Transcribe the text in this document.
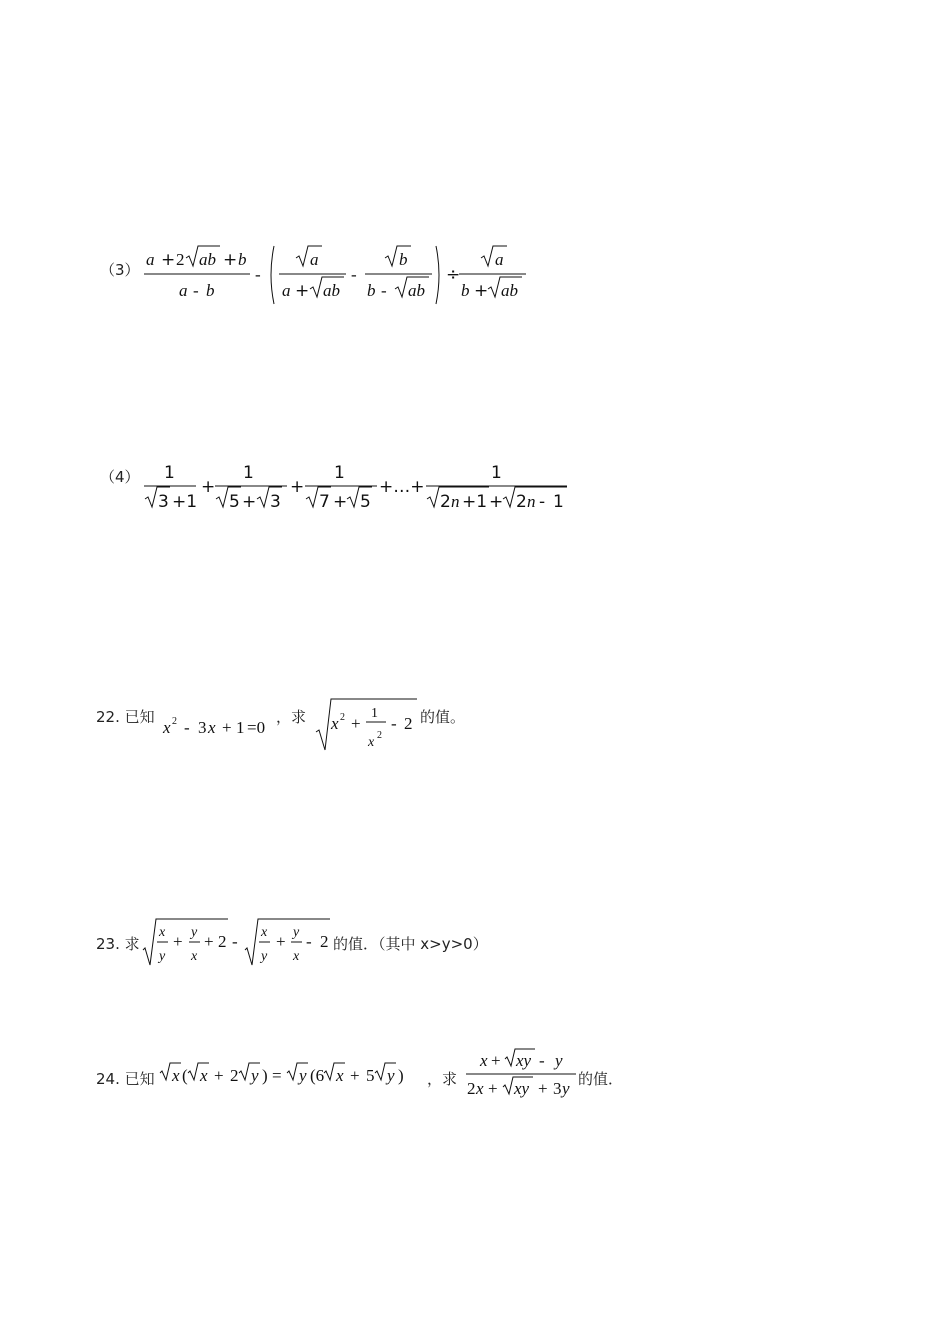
（3）
a + 2 ab + b
a - b
-
a
a + ab
-
b
b - ab
÷
a
b + ab
（4） 1
3 +1
+
1
5 + 3
+
1
7 + 5
+…+
1
2 n +1 + 2 n - 1
22. 已知	，求	的值。
x 2 - 3 x + 1 =0	x 2 +
1
x 2
- 2
23. 求	的值．（其中 x>y>0）
x
y
+ y
x
+ 2 - x
y
+ y
x
- 2
24. 已知	，求	的值．
x ( x + 2 y ) = y (6 x + 5 y )
x + xy - y
2 x + xy + 3 y
